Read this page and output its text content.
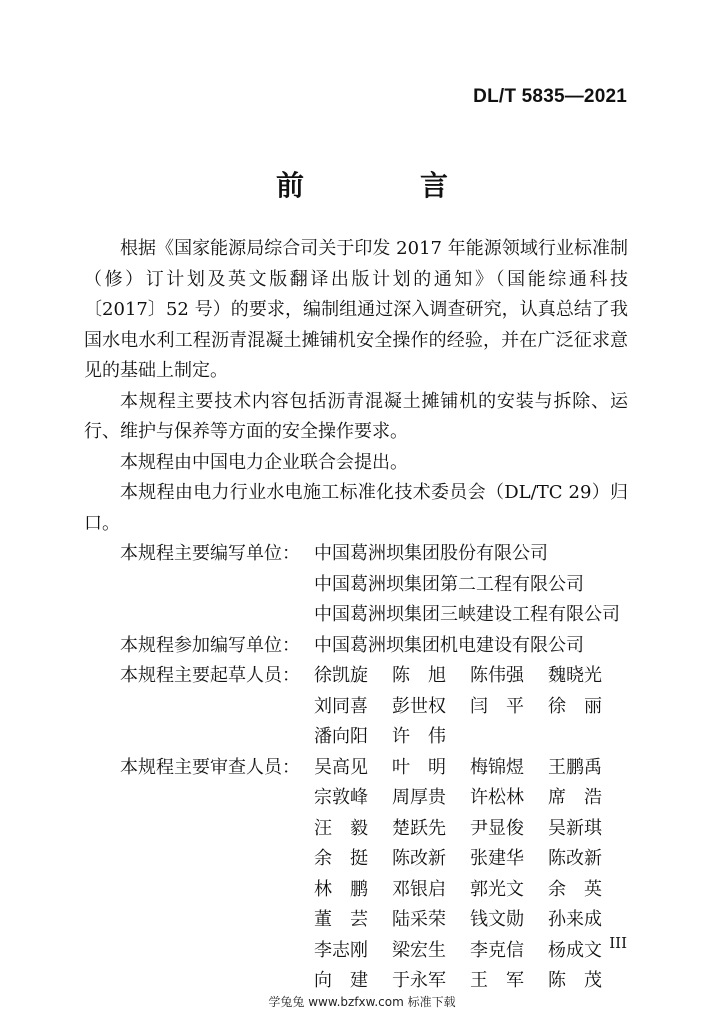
DL/T 5835—2021
前　言

根据《国家能源局综合司关于印发 2017 年能源领域行业标准制（修）订计划及英文版翻译出版计划的通知》（国能综通科技〔2017〕52 号）的要求，编制组通过深入调查研究，认真总结了我国水电水利工程沥青混凝土摊铺机安全操作的经验，并在广泛征求意见的基础上制定。

本规程主要技术内容包括沥青混凝土摊铺机的安装与拆除、运行、维护与保养等方面的安全操作要求。

本规程由中国电力企业联合会提出。

本规程由电力行业水电施工标准化技术委员会（DL/TC 29）归口。

本规程主要编写单位： 中国葛洲坝集团股份有限公司
中国葛洲坝集团第二工程有限公司
中国葛洲坝集团三峡建设工程有限公司
本规程参加编写单位： 中国葛洲坝集团机电建设有限公司
本规程主要起草人员： 徐凯旋	陈　旭	陈伟强	魏晓光
刘同喜	彭世权	闫　平	徐　丽
潘向阳	许　伟
本规程主要审查人员： 吴高见	叶　明	梅锦煜	王鹏禹
宗敦峰	周厚贵	许松林	席　浩
汪　毅	楚跃先	尹显俊	吴新琪
余　挺	陈改新	张建华	陈改新
林　鹏	邓银启	郭光文	余　英
董　芸	陆采荣	钱文勋	孙来成
李志刚	梁宏生	李克信	杨成文
向　建	于永军	王　军	陈　茂
III
学兔兔 www.bzfxw.com 标准下载
